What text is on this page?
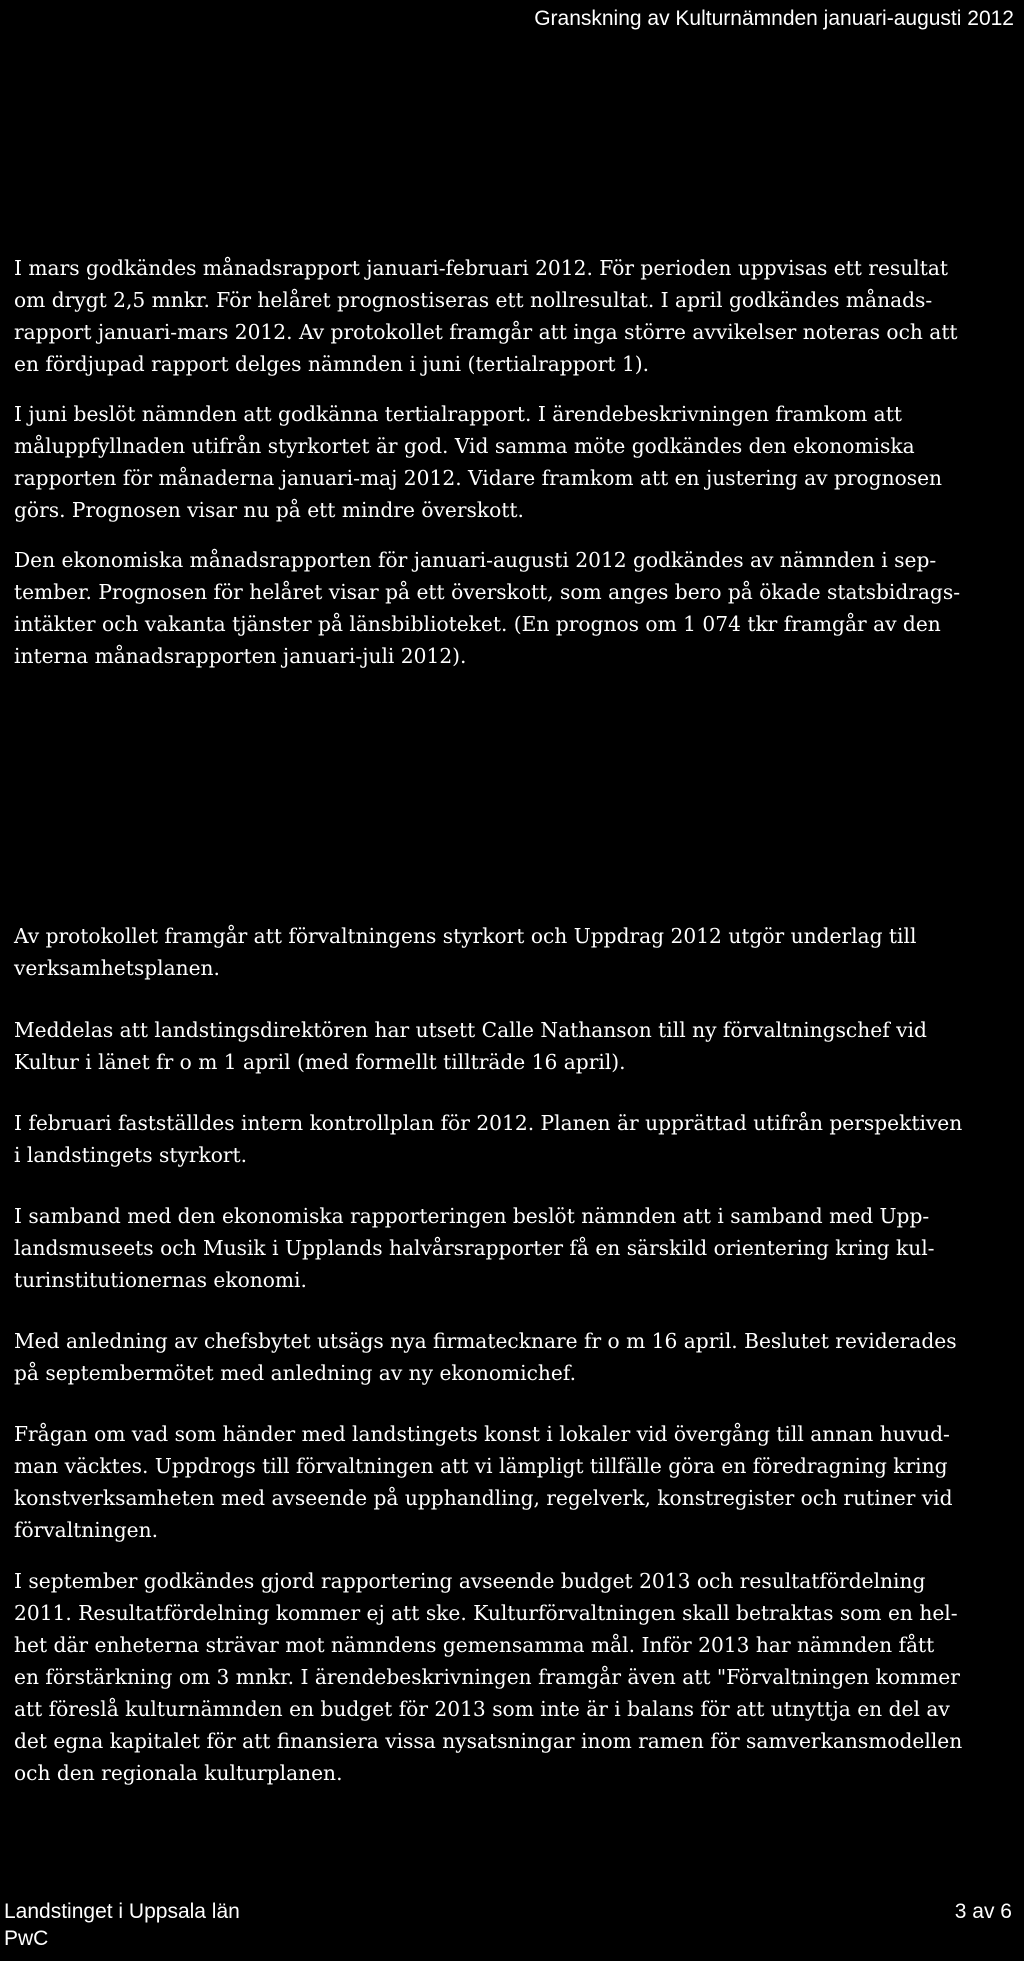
Granskning av Kulturnämnden januari-augusti 2012
I mars godkändes månadsrapport januari-februari 2012. För perioden uppvisas ett resultat
om drygt 2,5 mnkr. För helåret prognostiseras ett nollresultat. I april godkändes månads-
rapport januari-mars 2012. Av protokollet framgår att inga större avvikelser noteras och att
en fördjupad rapport delges nämnden i juni (tertialrapport 1).
I juni beslöt nämnden att godkänna tertialrapport. I ärendebeskrivningen framkom att
måluppfyllnaden utifrån styrkortet är god. Vid samma möte godkändes den ekonomiska
rapporten för månaderna januari-maj 2012. Vidare framkom att en justering av prognosen
görs. Prognosen visar nu på ett mindre överskott.
Den ekonomiska månadsrapporten för januari-augusti 2012 godkändes av nämnden i sep-
tember. Prognosen för helåret visar på ett överskott, som anges bero på ökade statsbidrags-
intäkter och vakanta tjänster på länsbiblioteket. (En prognos om 1 074 tkr framgår av den
interna månadsrapporten januari-juli 2012).
Av protokollet framgår att förvaltningens styrkort och Uppdrag 2012 utgör underlag till
verksamhetsplanen.
Meddelas att landstingsdirektören har utsett Calle Nathanson till ny förvaltningschef vid
Kultur i länet fr o m 1 april (med formellt tillträde 16 april).
I februari fastställdes intern kontrollplan för 2012. Planen är upprättad utifrån perspektiven
i landstingets styrkort.
I samband med den ekonomiska rapporteringen beslöt nämnden att i samband med Upp-
landsmuseets och Musik i Upplands halvårsrapporter få en särskild orientering kring kul-
turinstitutionernas ekonomi.
Med anledning av chefsbytet utsägs nya firmatecknare fr o m 16 april. Beslutet reviderades
på septembermötet med anledning av ny ekonomichef.
Frågan om vad som händer med landstingets konst i lokaler vid övergång till annan huvud-
man väcktes. Uppdrogs till förvaltningen att vi lämpligt tillfälle göra en föredragning kring
konstverksamheten med avseende på upphandling, regelverk, konstregister och rutiner vid
förvaltningen.
I september godkändes gjord rapportering avseende budget 2013 och resultatfördelning
2011. Resultatfördelning kommer ej att ske. Kulturförvaltningen skall betraktas som en hel-
het där enheterna strävar mot nämndens gemensamma mål. Inför 2013 har nämnden fått
en förstärkning om 3 mnkr. I ärendebeskrivningen framgår även att "Förvaltningen kommer
att föreslå kulturnämnden en budget för 2013 som inte är i balans för att utnyttja en del av
det egna kapitalet för att finansiera vissa nysatsningar inom ramen för samverkansmodellen
och den regionala kulturplanen.
Landstinget i Uppsala län
PwC
3 av 6
